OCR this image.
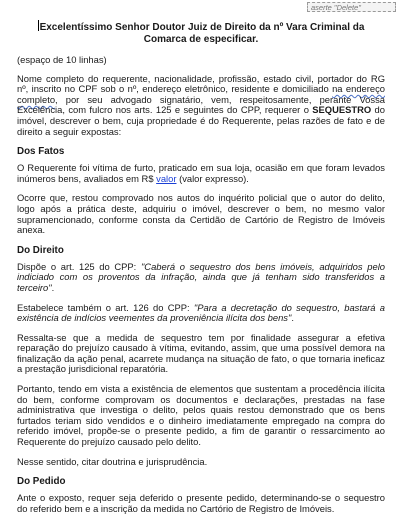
aserte "Delete"
Excelentíssimo Senhor Doutor Juiz de Direito da nº Vara Criminal da Comarca de especificar.

(espaço de 10 linhas)

Nome completo do requerente, nacionalidade, profissão, estado civil, portador do RG nº, inscrito no CPF sob o nº, endereço eletrônico, residente e domiciliado na endereço completo, por seu advogado signatário, vem, respeitosamente, perante Vossa Excelência, com fulcro nos arts. 125 e seguintes do CPP, requerer o SEQUESTRO do imóvel, descrever o bem, cuja propriedade é do Requerente, pelas razões de fato e de direito a seguir expostas:

Dos Fatos

O Requerente foi vítima de furto, praticado em sua loja, ocasião em que foram levados inúmeros bens, avaliados em R$ valor (valor expresso).

Ocorre que, restou comprovado nos autos do inquérito policial que o autor do delito, logo após a prática deste, adquiriu o imóvel, descrever o bem, no mesmo valor supramencionado, conforme consta da Certidão de Cartório de Registro de Imóveis anexa.

Do Direito

Dispõe o art. 125 do CPP: "Caberá o sequestro dos bens imóveis, adquiridos pelo indiciado com os proventos da infração, ainda que já tenham sido transferidos a terceiro".

Estabelece também o art. 126 do CPP: "Para a decretação do sequestro, bastará a existência de indícios veementes da proveniência ilícita dos bens".

Ressalta-se que a medida de sequestro tem por finalidade assegurar a efetiva reparação do prejuízo causado à vítima, evitando, assim, que uma possível demora na finalização da ação penal, acarrete mudança na situação de fato, o que tornaria ineficaz a prestação jurisdicional reparatória.

Portanto, tendo em vista a existência de elementos que sustentam a procedência ilícita do bem, conforme comprovam os documentos e declarações, prestadas na fase administrativa que investiga o delito, pelos quais restou demonstrado que os bens furtados teriam sido vendidos e o dinheiro imediatamente empregado na compra do referido imóvel, propõe-se o presente pedido, a fim de garantir o ressarcimento ao Requerente do prejuízo causado pelo delito.

Nesse sentido, citar doutrina e jurisprudência.

Do Pedido

Ante o exposto, requer seja deferido o presente pedido, determinando-se o sequestro do referido bem e a inscrição da medida no Cartório de Registro de Imóveis.
